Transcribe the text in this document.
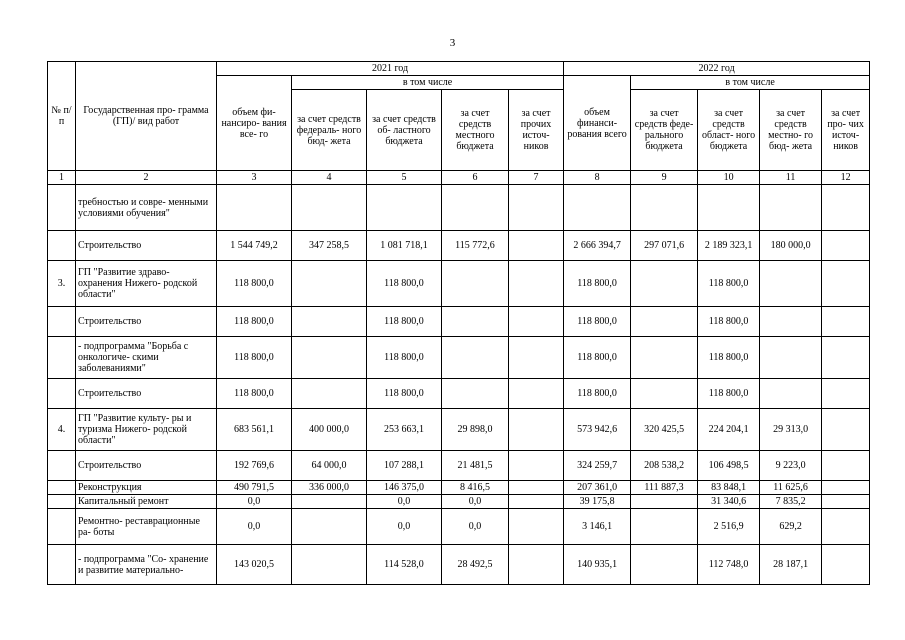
3
№ п/п	Государственная про- грамма (ГП)/ вид работ	2021 год					2022 год				
		объем фи- нансиро- вания все- го	в том числе				объем финанси- рования всего	в том числе			
			за счет средств федераль- ного бюд- жета	за счет средств об- ластного бюджета	за счет средств местного бюджета	за счет прочих источ- ников		за счет средств феде- рального бюджета	за счет средств област- ного бюджета	за счет средств местно- го бюд- жета	за счет про- чих источ- ников
1	2	3	4	5	6	7	8	9	10	11	12
	требностью и совре- менными условиями обучения"										
	Строительство	1 544 749,2	347 258,5	1 081 718,1	115 772,6		2 666 394,7	297 071,6	2 189 323,1	180 000,0	
3.	ГП "Развитие здраво- охранения Нижего- родской области"	118 800,0		118 800,0			118 800,0		118 800,0		
	Строительство	118 800,0		118 800,0			118 800,0		118 800,0		
	- подпрограмма "Борьба с онкологиче- скими заболеваниями"	118 800,0		118 800,0			118 800,0		118 800,0		
	Строительство	118 800,0		118 800,0			118 800,0		118 800,0		
4.	ГП "Развитие культу- ры и туризма Нижего- родской области"	683 561,1	400 000,0	253 663,1	29 898,0		573 942,6	320 425,5	224 204,1	29 313,0	
	Строительство	192 769,6	64 000,0	107 288,1	21 481,5		324 259,7	208 538,2	106 498,5	9 223,0	
	Реконструкция	490 791,5	336 000,0	146 375,0	8 416,5		207 361,0	111 887,3	83 848,1	11 625,6	
	Капитальный ремонт	0,0		0,0	0,0		39 175,8		31 340,6	7 835,2	
	Ремонтно- реставрационные ра- боты	0,0		0,0	0,0		3 146,1		2 516,9	629,2	
	- подпрограмма "Со- хранение и развитие материально-	143 020,5		114 528,0	28 492,5		140 935,1		112 748,0	28 187,1	
